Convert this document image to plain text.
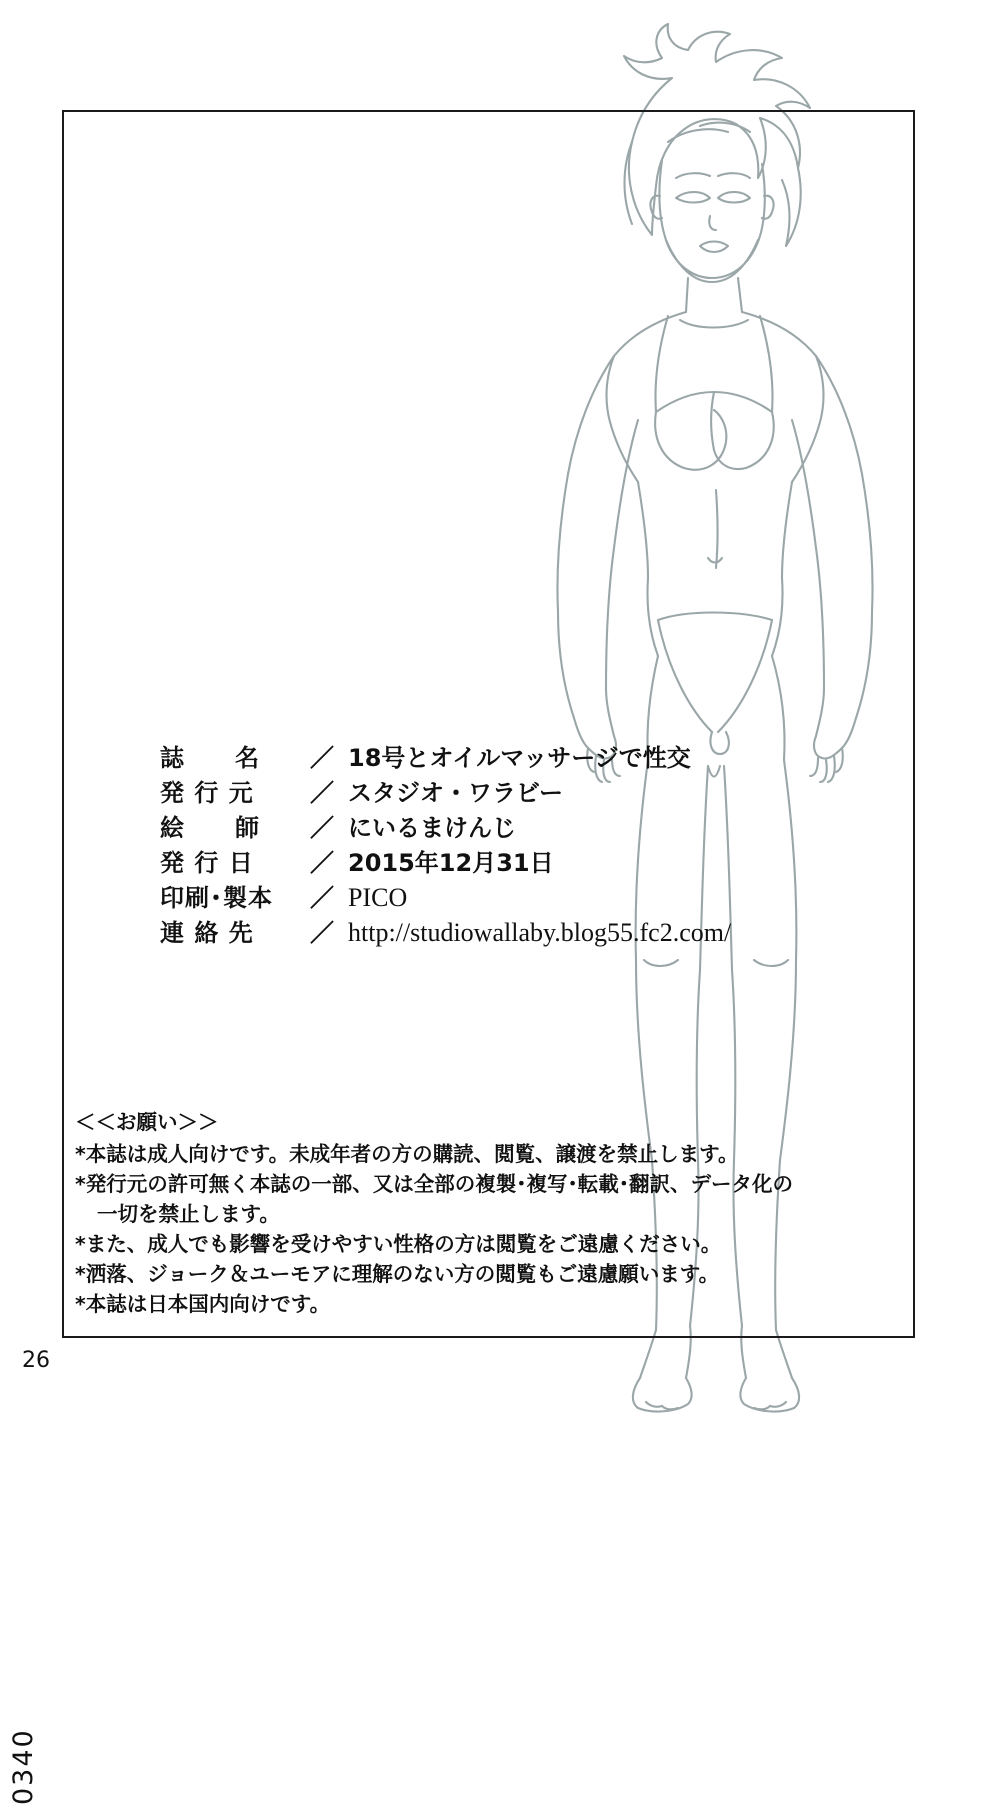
誌　　名	／ 18号とオイルマッサージで性交
発 行 元	／ スタジオ・ワラビー
絵　　師	／ にいるまけんじ
発 行 日	／ 2015年12月31日
印刷･製本	／ PICO
連 絡 先	／ http://studiowallaby.blog55.fc2.com/
＜＜お願い＞＞
*本誌は成人向けです。未成年者の方の購読、閲覧、譲渡を禁止します。
*発行元の許可無く本誌の一部、又は全部の複製･複写･転載･翻訳、データ化の
一切を禁止します。
*また、成人でも影響を受けやすい性格の方は閲覧をご遠慮ください。
*洒落、ジョーク＆ユーモアに理解のない方の閲覧もご遠慮願います。
*本誌は日本国内向けです。
0340
26
